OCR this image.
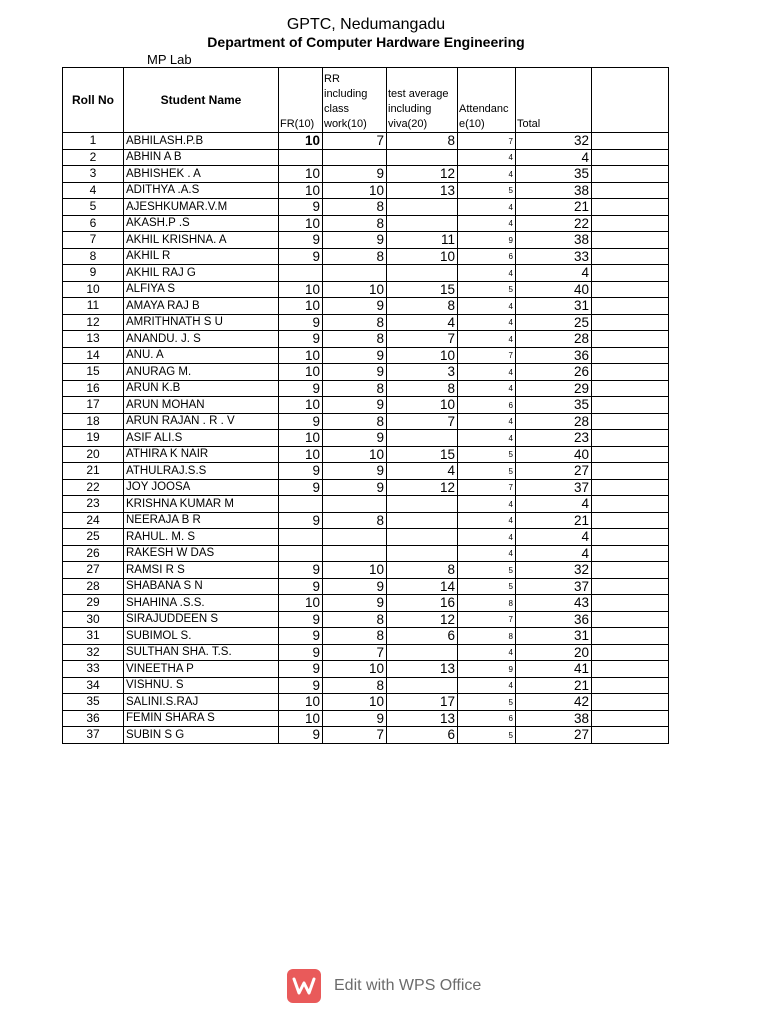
GPTC, Nedumangadu
Department of Computer Hardware Engineering
MP Lab
Roll No	Student Name	FR(10)	RR including class work(10)	test average including viva(20)	Attendance(10)	Total	
1	ABHILASH.P.B	10	7	8	7	32	
2	ABHIN A B				4	4	
3	ABHISHEK . A	10	9	12	4	35	
4	ADITHYA .A.S	10	10	13	5	38	
5	AJESHKUMAR.V.M	9	8		4	21	
6	AKASH.P .S	10	8		4	22	
7	AKHIL KRISHNA. A	9	9	11	9	38	
8	AKHIL R	9	8	10	6	33	
9	AKHIL RAJ G				4	4	
10	ALFIYA S	10	10	15	5	40	
11	AMAYA RAJ B	10	9	8	4	31	
12	AMRITHNATH S U	9	8	4	4	25	
13	ANANDU. J. S	9	8	7	4	28	
14	ANU. A	10	9	10	7	36	
15	ANURAG M.	10	9	3	4	26	
16	ARUN K.B	9	8	8	4	29	
17	ARUN MOHAN	10	9	10	6	35	
18	ARUN RAJAN . R . V	9	8	7	4	28	
19	ASIF ALI.S	10	9		4	23	
20	ATHIRA K NAIR	10	10	15	5	40	
21	ATHULRAJ.S.S	9	9	4	5	27	
22	JOY JOOSA	9	9	12	7	37	
23	KRISHNA KUMAR M				4	4	
24	NEERAJA B R	9	8		4	21	
25	RAHUL. M. S				4	4	
26	RAKESH W DAS				4	4	
27	RAMSI R S	9	10	8	5	32	
28	SHABANA S N	9	9	14	5	37	
29	SHAHINA .S.S.	10	9	16	8	43	
30	SIRAJUDDEEN S	9	8	12	7	36	
31	SUBIMOL S.	9	8	6	8	31	
32	SULTHAN SHA. T.S.	9	7		4	20	
33	VINEETHA P	9	10	13	9	41	
34	VISHNU. S	9	8		4	21	
35	SALINI.S.RAJ	10	10	17	5	42	
36	FEMIN SHARA S	10	9	13	6	38	
37	SUBIN S G	9	7	6	5	27	
Edit with WPS Office
